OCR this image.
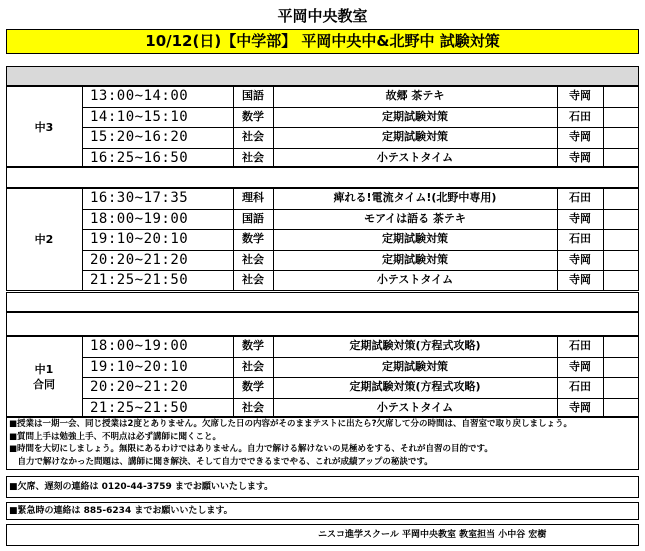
平岡中央教室
10/12(日)【中学部】 平岡中央中&北野中 試験対策
中3
13:00~14:00	国語	故郷 茶テキ	寺岡
14:10~15:10	数学	定期試験対策	石田
15:20~16:20	社会	定期試験対策	寺岡
16:25~16:50	社会	小テストタイム	寺岡
中2
16:30~17:35	理科	痺れる!電流タイム!(北野中専用)	石田
18:00~19:00	国語	モアイは語る 茶テキ	寺岡
19:10~20:10	数学	定期試験対策	石田
20:20~21:20	社会	定期試験対策	寺岡
21:25~21:50	社会	小テストタイム	寺岡
中1
合同
18:00~19:00	数学	定期試験対策(方程式攻略)	石田
19:10~20:10	社会	定期試験対策	寺岡
20:20~21:20	数学	定期試験対策(方程式攻略)	石田
21:25~21:50	社会	小テストタイム	寺岡
■授業は一期一会、同じ授業は2度とありません。欠席した日の内容がそのままテストに出たら?欠席して分の時間は、自習室で取り戻しましょう。
■質問上手は勉強上手、不明点は必ず講師に聞くこと。
■時間を大切にしましょう。無限にあるわけではありません。自力で解ける解けないの見極めをする、それが自習の目的です。
　自力で解けなかった問題は、講師に聞き解決、そして自力でできるまでやる、これが成績アップの秘訣です。
■欠席、遅刻の連絡は 0120-44-3759 までお願いいたします。
■緊急時の連絡は 885-6234 までお願いいたします。
ニスコ進学スクール 平岡中央教室 教室担当 小中谷 宏樹
